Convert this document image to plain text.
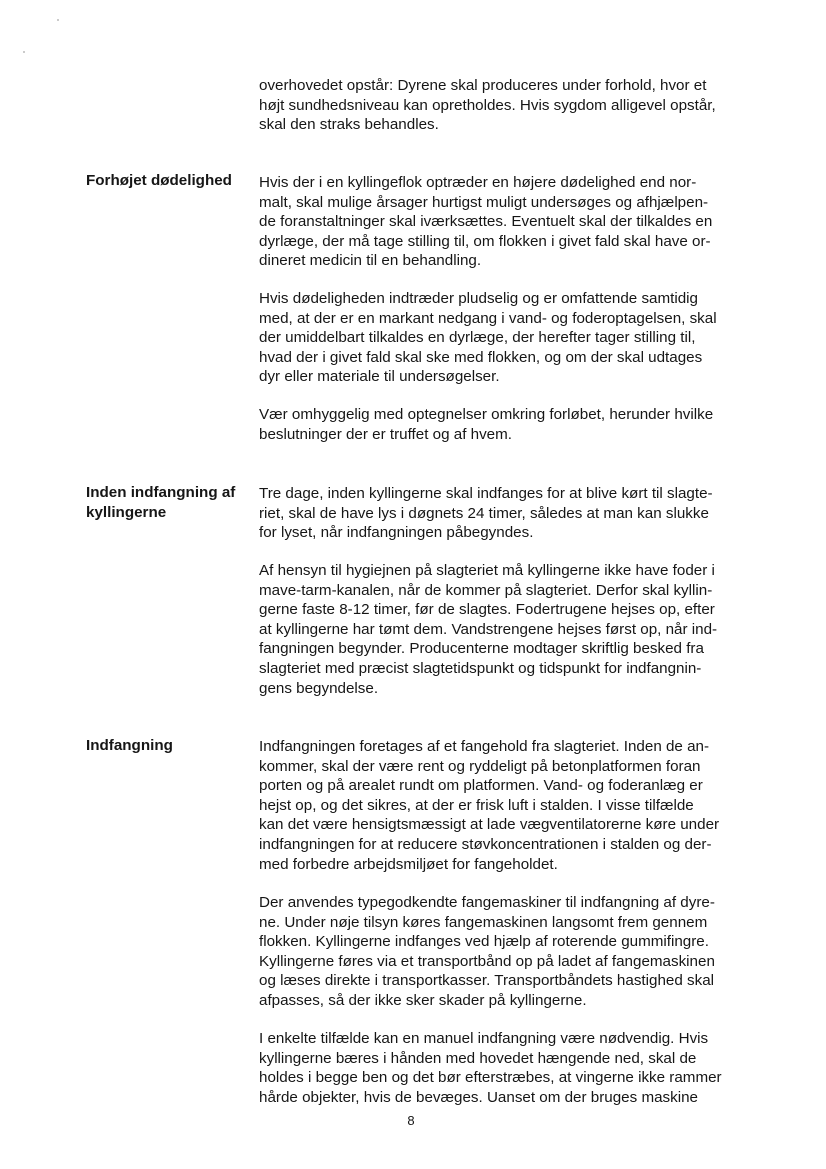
overhovedet opstår: Dyrene skal produceres under forhold, hvor et
højt sundhedsniveau kan opretholdes. Hvis sygdom alligevel opstår,
skal den straks behandles.

Forhøjet dødelighed	Hvis der i en kyllingeflok optræder en højere dødelighed end nor-
malt, skal mulige årsager hurtigst muligt undersøges og afhjælpen-
de foranstaltninger skal iværksættes. Eventuelt skal der tilkaldes en
dyrlæge, der må tage stilling til, om flokken i givet fald skal have or-
dineret medicin til en behandling.

Hvis dødeligheden indtræder pludselig og er omfattende samtidig
med, at der er en markant nedgang i vand- og foderoptagelsen, skal
der umiddelbart tilkaldes en dyrlæge, der herefter tager stilling til,
hvad der i givet fald skal ske med flokken, og om der skal udtages
dyr eller materiale til undersøgelser.

Vær omhyggelig med optegnelser omkring forløbet, herunder hvilke
beslutninger der er truffet og af hvem.

Inden indfangning af
kyllingerne

Tre dage, inden kyllingerne skal indfanges for at blive kørt til slagte-
riet, skal de have lys i døgnets 24 timer, således at man kan slukke
for lyset, når indfangningen påbegyndes.

Af hensyn til hygiejnen på slagteriet må kyllingerne ikke have foder i
mave-tarm-kanalen, når de kommer på slagteriet. Derfor skal kyllin-
gerne faste 8-12 timer, før de slagtes. Fodertrugene hejses op, efter
at kyllingerne har tømt dem. Vandstrengene hejses først op, når ind-
fangningen begynder. Producenterne modtager skriftlig besked fra
slagteriet med præcist slagtetidspunkt og tidspunkt for indfangnin-
gens begyndelse.

Indfangning	Indfangningen foretages af et fangehold fra slagteriet. Inden de an-
kommer, skal der være rent og ryddeligt på betonplatformen foran
porten og på arealet rundt om platformen. Vand- og foderanlæg er
hejst op, og det sikres, at der er frisk luft i stalden. I visse tilfælde
kan det være hensigtsmæssigt at lade vægventilatorerne køre under
indfangningen for at reducere støvkoncentrationen i stalden og der-
med forbedre arbejdsmiljøet for fangeholdet.

Der anvendes typegodkendte fangemaskiner til indfangning af dyre-
ne. Under nøje tilsyn køres fangemaskinen langsomt frem gennem
flokken. Kyllingerne indfanges ved hjælp af roterende gummifingre.
Kyllingerne føres via et transportbånd op på ladet af fangemaskinen
og læses direkte i transportkasser. Transportbåndets hastighed skal
afpasses, så der ikke sker skader på kyllingerne.

I enkelte tilfælde kan en manuel indfangning være nødvendig. Hvis
kyllingerne bæres i hånden med hovedet hængende ned, skal de
holdes i begge ben og det bør efterstræbes, at vingerne ikke rammer
hårde objekter, hvis de bevæges. Uanset om der bruges maskine

8
